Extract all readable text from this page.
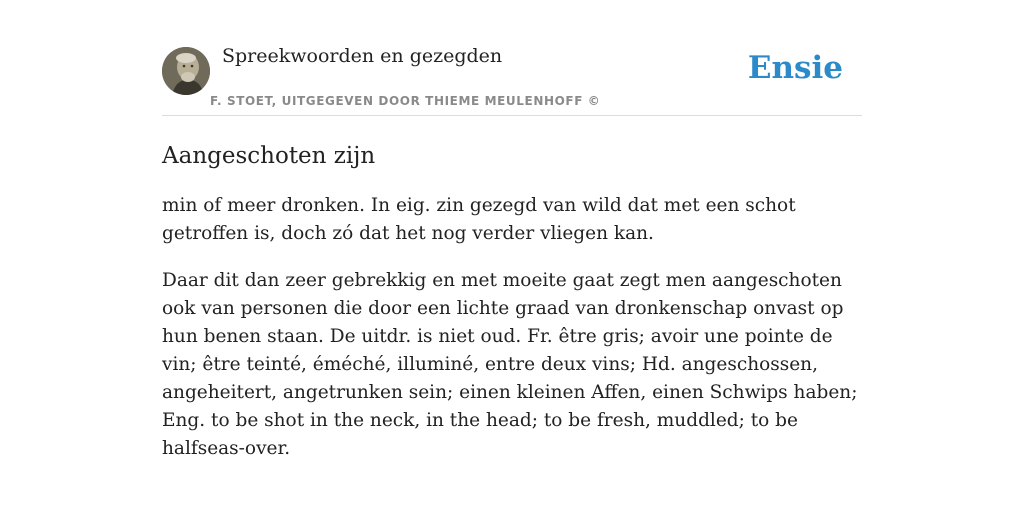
Spreekwoorden en gezegden
F. STOET, UITGEGEVEN DOOR THIEME MEULENHOFF ©
Ensie
Aangeschoten zijn

min of meer dronken. In eig. zin gezegd van wild dat met een schot getroffen is, doch zó dat het nog verder vliegen kan.

Daar dit dan zeer gebrekkig en met moeite gaat zegt men aangeschoten ook van personen die door een lichte graad van dronkenschap onvast op hun benen staan. De uitdr. is niet oud. Fr. être gris; avoir une pointe de vin; être teinté, éméché, illuminé, entre deux vins; Hd. angeschossen, angeheitert, angetrunken sein; einen kleinen Affen, einen Schwips haben; Eng. to be shot in the neck, in the head; to be fresh, muddled; to be halfseas-over.
